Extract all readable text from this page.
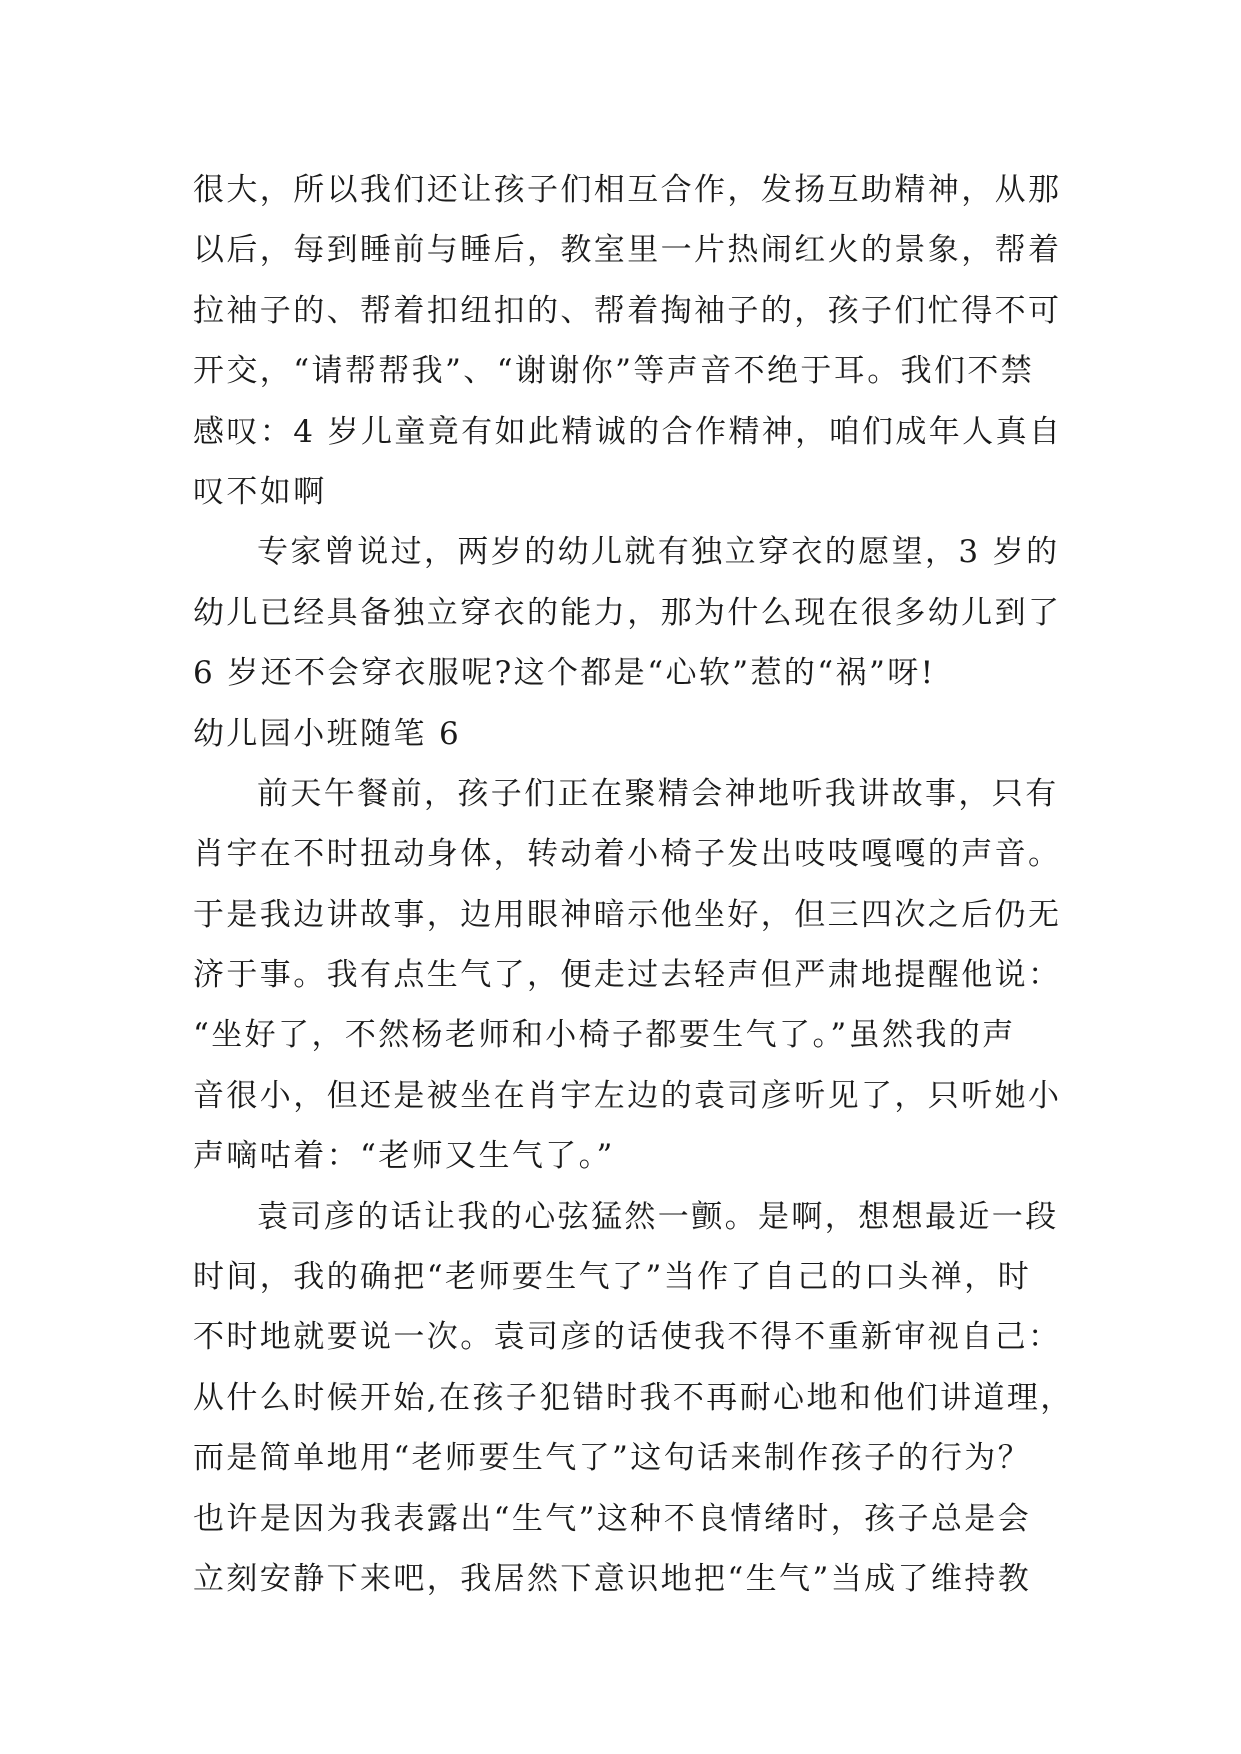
很大，所以我们还让孩子们相互合作，发扬互助精神，从那
以后，每到睡前与睡后，教室里一片热闹红火的景象，帮着
拉袖子的、帮着扣纽扣的、帮着掏袖子的，孩子们忙得不可
开交，“请帮帮我”、“谢谢你”等声音不绝于耳。我们不禁
感叹：4 岁儿童竟有如此精诚的合作精神，咱们成年人真自
叹不如啊
专家曾说过，两岁的幼儿就有独立穿衣的愿望，3 岁的
幼儿已经具备独立穿衣的能力，那为什么现在很多幼儿到了
6 岁还不会穿衣服呢?这个都是“心软”惹的“祸”呀!
幼儿园小班随笔 6
前天午餐前，孩子们正在聚精会神地听我讲故事，只有
肖宇在不时扭动身体，转动着小椅子发出吱吱嘎嘎的声音。
于是我边讲故事，边用眼神暗示他坐好，但三四次之后仍无
济于事。我有点生气了，便走过去轻声但严肃地提醒他说：
“坐好了，不然杨老师和小椅子都要生气了。”虽然我的声
音很小，但还是被坐在肖宇左边的袁司彦听见了，只听她小
声嘀咕着：“老师又生气了。”
袁司彦的话让我的心弦猛然一颤。是啊，想想最近一段
时间，我的确把“老师要生气了”当作了自己的口头禅，时
不时地就要说一次。袁司彦的话使我不得不重新审视自己：
从什么时候开始,在孩子犯错时我不再耐心地和他们讲道理，
而是简单地用“老师要生气了”这句话来制作孩子的行为？
也许是因为我表露出“生气”这种不良情绪时，孩子总是会
立刻安静下来吧，我居然下意识地把“生气”当成了维持教
